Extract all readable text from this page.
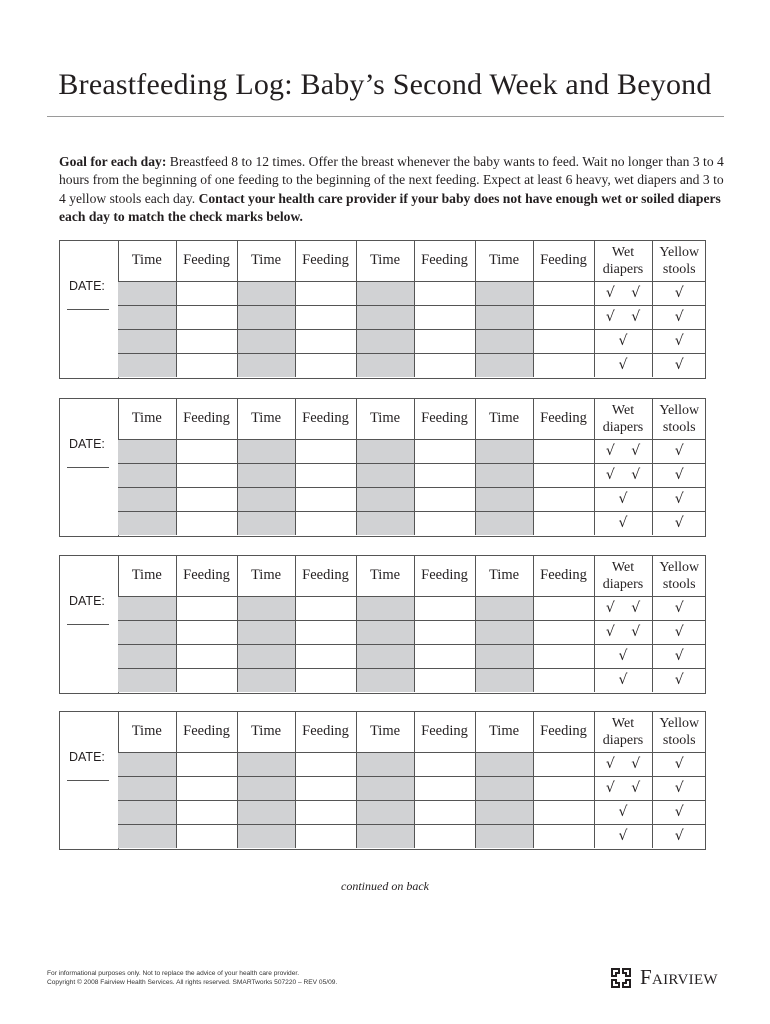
Breastfeeding Log: Baby’s Second Week and Beyond

Goal for each day: Breastfeed 8 to 12 times. Offer the breast whenever the baby wants to feed. Wait no longer than 3 to 4 hours from the beginning of one feeding to the beginning of the next feeding. Expect at least 6 heavy, wet diapers and 3 to 4 yellow stools each day. Contact your health care provider if your baby does not have enough wet or soiled diapers each day to match the check marks below.

DATE:
Time	Feeding	Time	Feeding	Time	Feeding	Time	Feeding	Wet diapers	Yellow stools
								√ √	√
								√ √	√
								√	√
								√	√
DATE:
Time	Feeding	Time	Feeding	Time	Feeding	Time	Feeding	Wet diapers	Yellow stools
								√ √	√
								√ √	√
								√	√
								√	√
DATE:
Time	Feeding	Time	Feeding	Time	Feeding	Time	Feeding	Wet diapers	Yellow stools
								√ √	√
								√ √	√
								√	√
								√	√
DATE:
Time	Feeding	Time	Feeding	Time	Feeding	Time	Feeding	Wet diapers	Yellow stools
								√ √	√
								√ √	√
								√	√
								√	√
continued on back
For informational purposes only. Not to replace the advice of your health care provider.
Copyright © 2008 Fairview Health Services. All rights reserved. SMARTworks 507220 – REV 05/09.	Fairview
